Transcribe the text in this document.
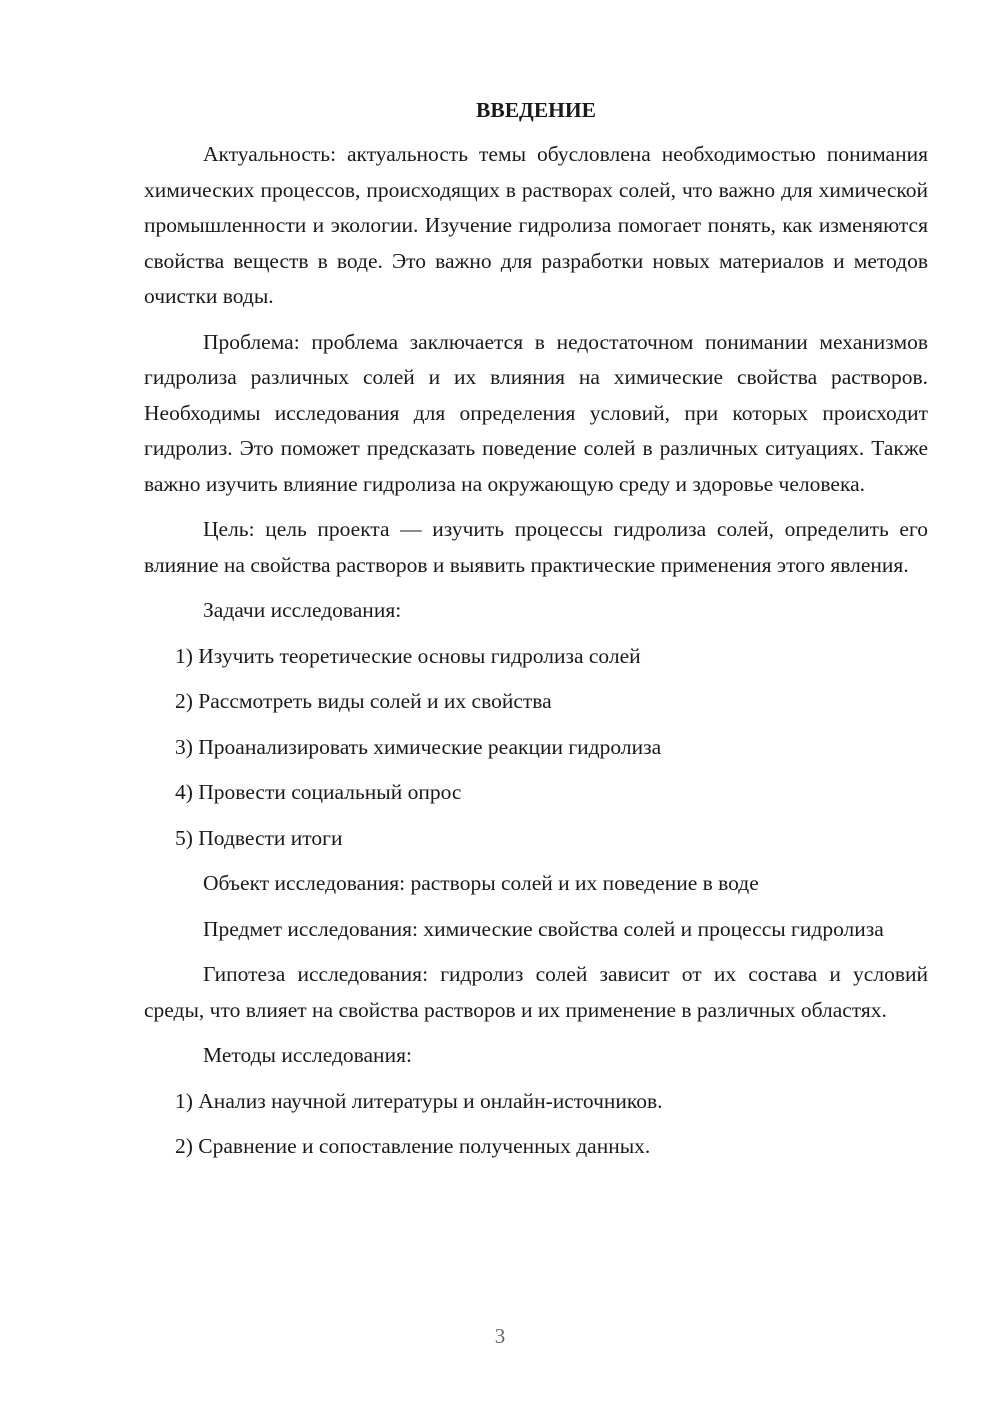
ВВЕДЕНИЕ

Актуальность: актуальность темы обусловлена необходимостью понимания химических процессов, происходящих в растворах солей, что важно для химической промышленности и экологии. Изучение гидролиза помогает понять, как изменяются свойства веществ в воде. Это важно для разработки новых материалов и методов очистки воды.

Проблема: проблема заключается в недостаточном понимании механизмов гидролиза различных солей и их влияния на химические свойства растворов. Необходимы исследования для определения условий, при которых происходит гидролиз. Это поможет предсказать поведение солей в различных ситуациях. Также важно изучить влияние гидролиза на окружающую среду и здоровье человека.

Цель: цель проекта — изучить процессы гидролиза солей, определить его влияние на свойства растворов и выявить практические применения этого явления.

Задачи исследования:
1) Изучить теоретические основы гидролиза солей
2) Рассмотреть виды солей и их свойства
3) Проанализировать химические реакции гидролиза
4) Провести социальный опрос
5) Подвести итоги

Объект исследования: растворы солей и их поведение в воде

Предмет исследования: химические свойства солей и процессы гидролиза

Гипотеза исследования: гидролиз солей зависит от их состава и условий среды, что влияет на свойства растворов и их применение в различных областях.

Методы исследования:
1) Анализ научной литературы и онлайн-источников.
2) Сравнение и сопоставление полученных данных.
3
